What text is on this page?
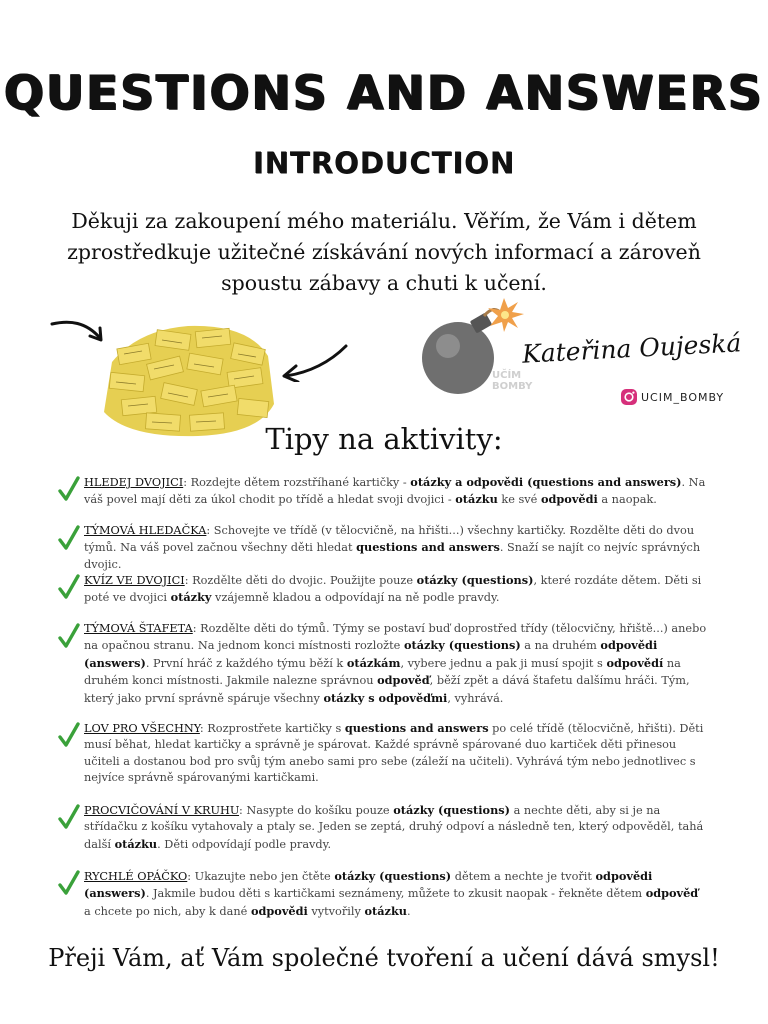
QUESTIONS AND ANSWERS
INTRODUCTION
Děkuji za zakoupení mého materiálu. Věřím, že Vám i dětem
zprostředkuje užitečné získávání nových informací a zároveň
spoustu zábavy a chuti k učení.
UČÍM
BOMBY
Kateřina Oujeská
UCIM_BOMBY
Tipy na aktivity:
HLEDEJ DVOJICI: Rozdejte dětem rozstříhané kartičky - otázky a odpovědi (questions and answers). Na váš povel mají děti za úkol chodit po třídě a hledat svoji dvojici - otázku ke své odpovědi a naopak.
TÝMOVÁ HLEDAČKA: Schovejte ve třídě (v tělocvičně, na hřišti...) všechny kartičky. Rozdělte děti do dvou týmů. Na váš povel začnou všechny děti hledat questions and answers. Snaží se najít co nejvíc správných dvojic.
KVÍZ VE DVOJICI: Rozdělte děti do dvojic. Použijte pouze otázky (questions), které rozdáte dětem. Děti si poté ve dvojici otázky vzájemně kladou a odpovídají na ně podle pravdy.
TÝMOVÁ ŠTAFETA: Rozdělte děti do týmů. Týmy se postaví buď doprostřed třídy (tělocvičny, hřiště...) anebo na opačnou stranu. Na jednom konci místnosti rozložte otázky (questions) a na druhém odpovědi (answers). První hráč z každého týmu běží k otázkám, vybere jednu a pak ji musí spojit s odpovědí na druhém konci místnosti. Jakmile nalezne správnou odpověď, běží zpět a dává štafetu dalšímu hráči. Tým, který jako první správně spáruje všechny otázky s odpověďmi, vyhrává.
LOV PRO VŠECHNY: Rozprostřete kartičky s questions and answers po celé třídě (tělocvičně, hřišti). Děti musí běhat, hledat kartičky a správně je spárovat. Každé správně spárované duo kartiček děti přinesou učiteli a dostanou bod pro svůj tým anebo sami pro sebe (záleží na učiteli). Vyhrává tým nebo jednotlivec s nejvíce správně spárovanými kartičkami.
PROCVIČOVÁNÍ V KRUHU: Nasypte do košíku pouze otázky (questions) a nechte děti, aby si je na střídačku z košíku vytahovaly a ptaly se. Jeden se zeptá, druhý odpoví a následně ten, který odpověděl, tahá další otázku. Děti odpovídají podle pravdy.
RYCHLÉ OPÁČKO: Ukazujte nebo jen čtěte otázky (questions) dětem a nechte je tvořit odpovědi (answers). Jakmile budou děti s kartičkami seznámeny, můžete to zkusit naopak - řekněte dětem odpověď a chcete po nich, aby k dané odpovědi vytvořily otázku.
Přeji Vám, ať Vám společné tvoření a učení dává smysl!
